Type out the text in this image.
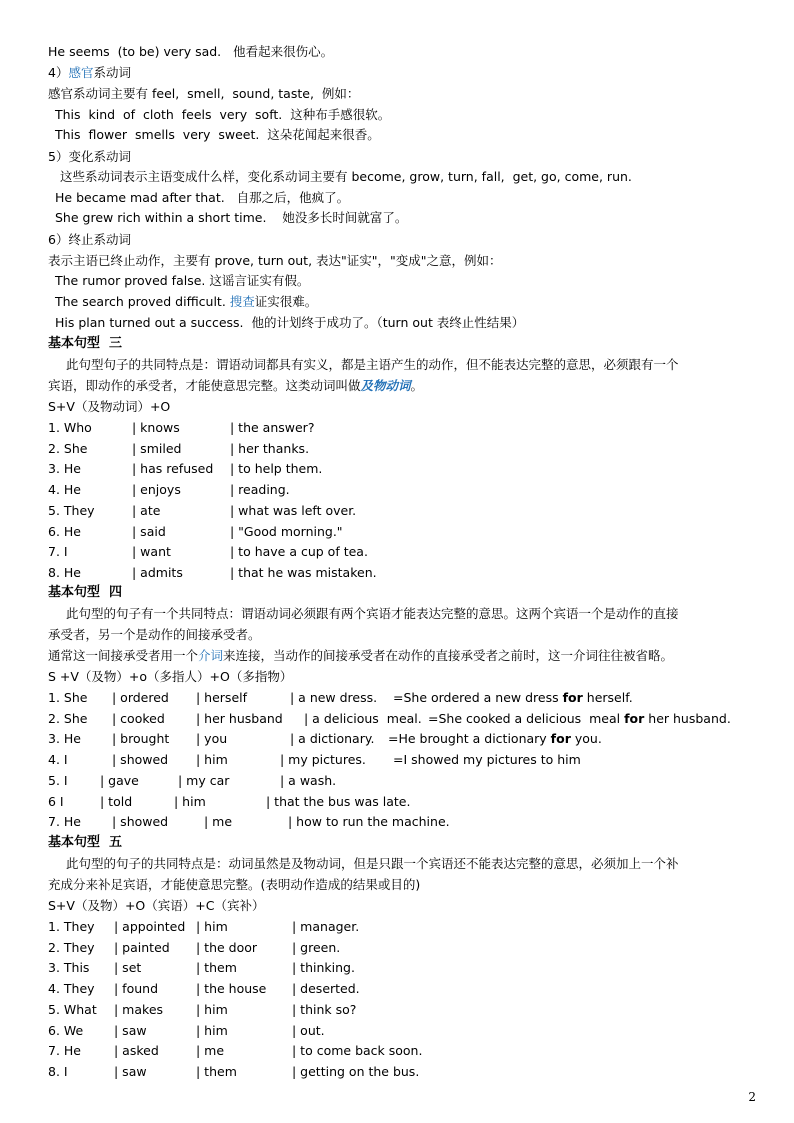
He seems  (to be) very sad.   他看起来很伤心。
4）感官系动词
感官系动词主要有 feel,  smell,  sound, taste,  例如：
This  kind  of  cloth  feels  very  soft.  这种布手感很软。
This  flower  smells  very  sweet.  这朵花闻起来很香。
5）变化系动词
这些系动词表示主语变成什么样，变化系动词主要有 become, grow, turn, fall,  get, go, come, run.
He became mad after that.   自那之后，他疯了。
She grew rich within a short time.    她没多长时间就富了。
6）终止系动词
表示主语已终止动作，主要有 prove, turn out, 表达"证实"，"变成"之意，例如：
The rumor proved false. 这谣言证实有假。
The search proved difficult. 搜查证实很难。
His plan turned out a success.  他的计划终于成功了。（turn out 表终止性结果）
基本句型  三
此句型句子的共同特点是：谓语动词都具有实义，都是主语产生的动作，但不能表达完整的意思，必须跟有一个
宾语，即动作的承受者，才能使意思完整。这类动词叫做及物动词。
S+V（及物动词）+O
1. Who	| knows	| the answer?
2. She	| smiled	| her thanks.
3. He	| has refused | to help them.
4. He	| enjoys	| reading.
5. They	| ate	| what was left over.
6. He	| said	| "Good morning."
7. I	| want	| to have a cup of tea.
8. He	| admits	| that he was mistaken.
基本句型  四
此句型的句子有一个共同特点：谓语动词必须跟有两个宾语才能表达完整的意思。这两个宾语一个是动作的直接
承受者，另一个是动作的间接承受者。
通常这一间接承受者用一个介词来连接，当动作的间接承受者在动作的直接承受者之前时，这一介词往往被省略。
S +V（及物）+o（多指人）+O（多指物）
1. She | ordered | herself	| a new dress. =She ordered a new dress for herself.
2. She | cooked | her husband | a delicious  meal. =She cooked a delicious  meal for her husband.
3. He | brought | you	| a dictionary. =He brought a dictionary for you.
4. I	| showed | him	| my pictures. =I showed my pictures to him
5. I	| gave	| my car	| a wash.
6 I	| told	| him	| that the bus was late.
7. He | showed	| me	| how to run the machine.
基本句型  五
此句型的句子的共同特点是：动词虽然是及物动词，但是只跟一个宾语还不能表达完整的意思，必须加上一个补
充成分来补足宾语，才能使意思完整。(表明动作造成的结果或目的)
S+V（及物）+O（宾语）+C（宾补）
1. They | appointed | him	| manager.
2. They | painted | the door	| green.
3. This | set	| them	| thinking.
4. They | found	| the house | deserted.
5. What | makes	| him	| think so?
6. We | saw	| him	| out.
7. He	| asked	| me	| to come back soon.
8. I	| saw	| them	| getting on the bus.
2
